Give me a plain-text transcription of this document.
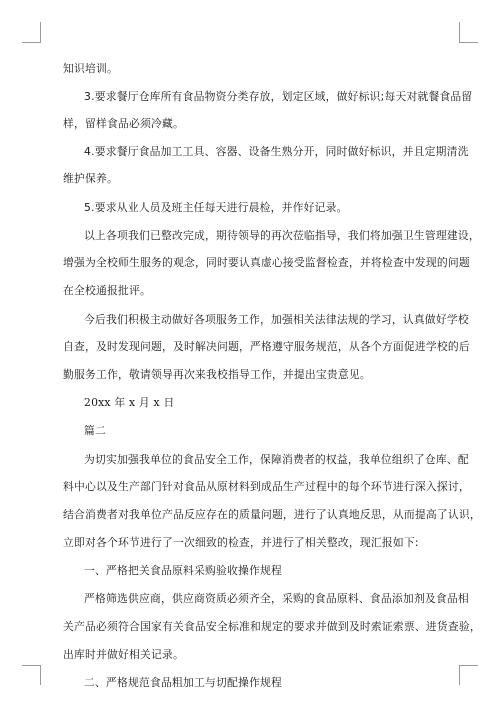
知识培训。
3.要求餐厅仓库所有食品物资分类存放，划定区域，做好标识;每天对就餐食品留
样，留样食品必须冷藏。
4.要求餐厅食品加工工具、容器、设备生熟分开，同时做好标识，并且定期清洗
维护保养。
5.要求从业人员及班主任每天进行晨检，并作好记录。
以上各项我们已整改完成，期待领导的再次莅临指导，我们将加强卫生管理建设，
增强为全校师生服务的观念，同时要认真虚心接受监督检查，并将检查中发现的问题
在全校通报批评。
今后我们积极主动做好各项服务工作，加强相关法律法规的学习，认真做好学校
自查，及时发现问题，及时解决问题，严格遵守服务规范，从各个方面促进学校的后
勤服务工作，敬请领导再次来我校指导工作，并提出宝贵意见。
20xx 年 x 月 x 日
篇二
为切实加强我单位的食品安全工作，保障消费者的权益，我单位组织了仓库、配
料中心以及生产部门针对食品从原材料到成品生产过程中的每个环节进行深入探讨，
结合消费者对我单位产品反应存在的质量问题，进行了认真地反思，从而提高了认识，
立即对各个环节进行了一次细致的检查，并进行了相关整改，现汇报如下:
一、严格把关食品原料采购验收操作规程
严格筛选供应商，供应商资质必须齐全，采购的食品原料、食品添加剂及食品相
关产品必须符合国家有关食品安全标准和规定的要求并做到及时索证索票、进货查验，
出库时并做好相关记录。
二、严格规范食品粗加工与切配操作规程
